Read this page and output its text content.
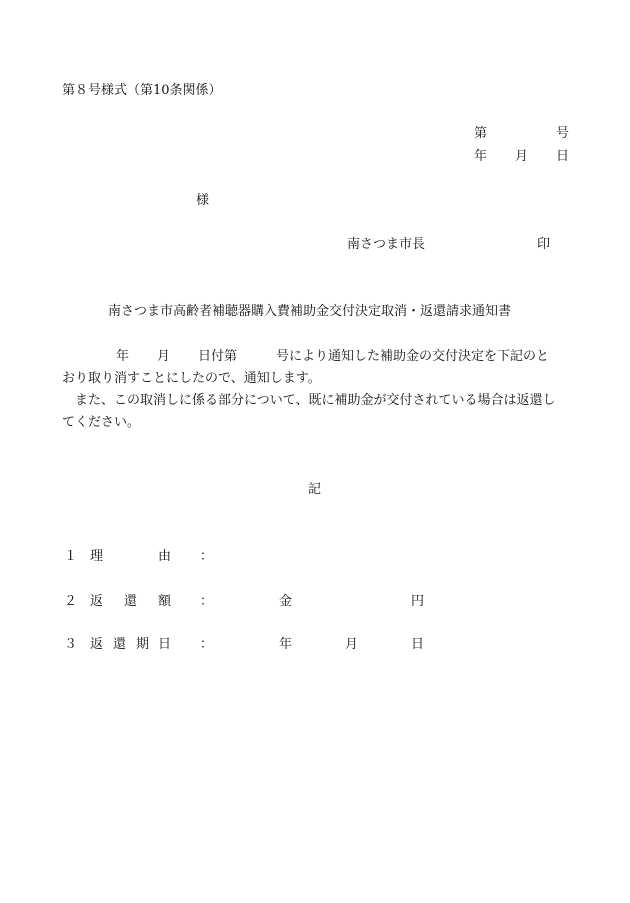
第８号様式（第10条関係）
第	号
年 月 日
様
南さつま市長	印
南さつま市高齢者補聴器購入費補助金交付決定取消・返還請求通知書

年 月 日付第　　　号により通知した補助金の交付決定を下記のと

おり取り消すことにしたので、通知します。

　また、この取消しに係る部分について、既に補助金が交付されている場合は返還し

てください。

記
１ 理	由 ：
２ 返 還 額 ：	金	円
３ 返 還 期 日 ：	年	月	日
